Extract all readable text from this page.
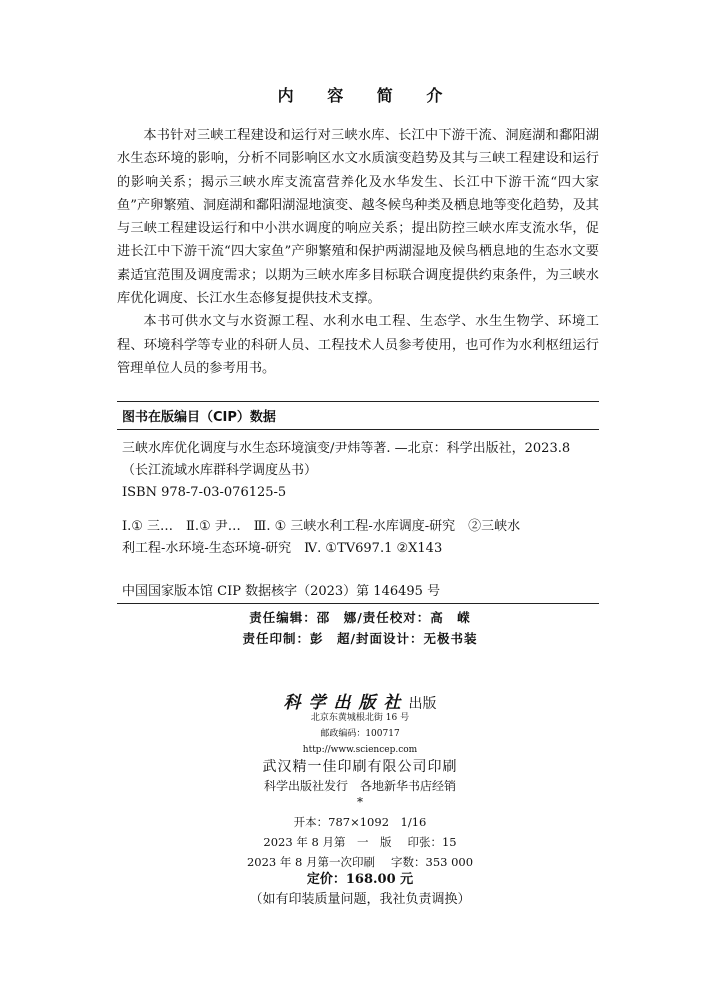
内 容 简 介

本书针对三峡工程建设和运行对三峡水库、长江中下游干流、洞庭湖和鄱阳湖水生态环境的影响，分析不同影响区水文水质演变趋势及其与三峡工程建设和运行的影响关系；揭示三峡水库支流富营养化及水华发生、长江中下游干流“四大家鱼”产卵繁殖、洞庭湖和鄱阳湖湿地演变、越冬候鸟种类及栖息地等变化趋势，及其与三峡工程建设运行和中小洪水调度的响应关系；提出防控三峡水库支流水华，促进长江中下游干流“四大家鱼”产卵繁殖和保护两湖湿地及候鸟栖息地的生态水文要素适宜范围及调度需求；以期为三峡水库多目标联合调度提供约束条件，为三峡水库优化调度、长江水生态修复提供技术支撑。

本书可供水文与水资源工程、水利水电工程、生态学、水生生物学、环境工程、环境科学等专业的科研人员、工程技术人员参考使用，也可作为水利枢纽运行管理单位人员的参考用书。

图书在版编目（CIP）数据
三峡水库优化调度与水生态环境演变/尹炜等著. —北京：科学出版社，2023.8
（长江流域水库群科学调度丛书）
ISBN 978-7-03-076125-5
Ⅰ.① 三…　Ⅱ.① 尹…　Ⅲ. ① 三峡水利工程-水库调度-研究　②三峡水
利工程-水环境-生态环境-研究　Ⅳ. ①TV697.1 ②X143
中国国家版本馆 CIP 数据核字（2023）第 146495 号
责任编辑：邵　娜/责任校对：高　嵘
责任印制：彭　超/封面设计：无极书装
科学出版社出版
北京东黄城根北街 16 号
邮政编码：100717
http://www.sciencep.com
武汉精一佳印刷有限公司印刷
科学出版社发行　各地新华书店经销
*
开本：787×1092　1/16
2023 年 8 月第　一　版 印张：15
2023 年 8 月第一次印刷 字数：353 000
定价：168.00 元
（如有印装质量问题，我社负责调换）
